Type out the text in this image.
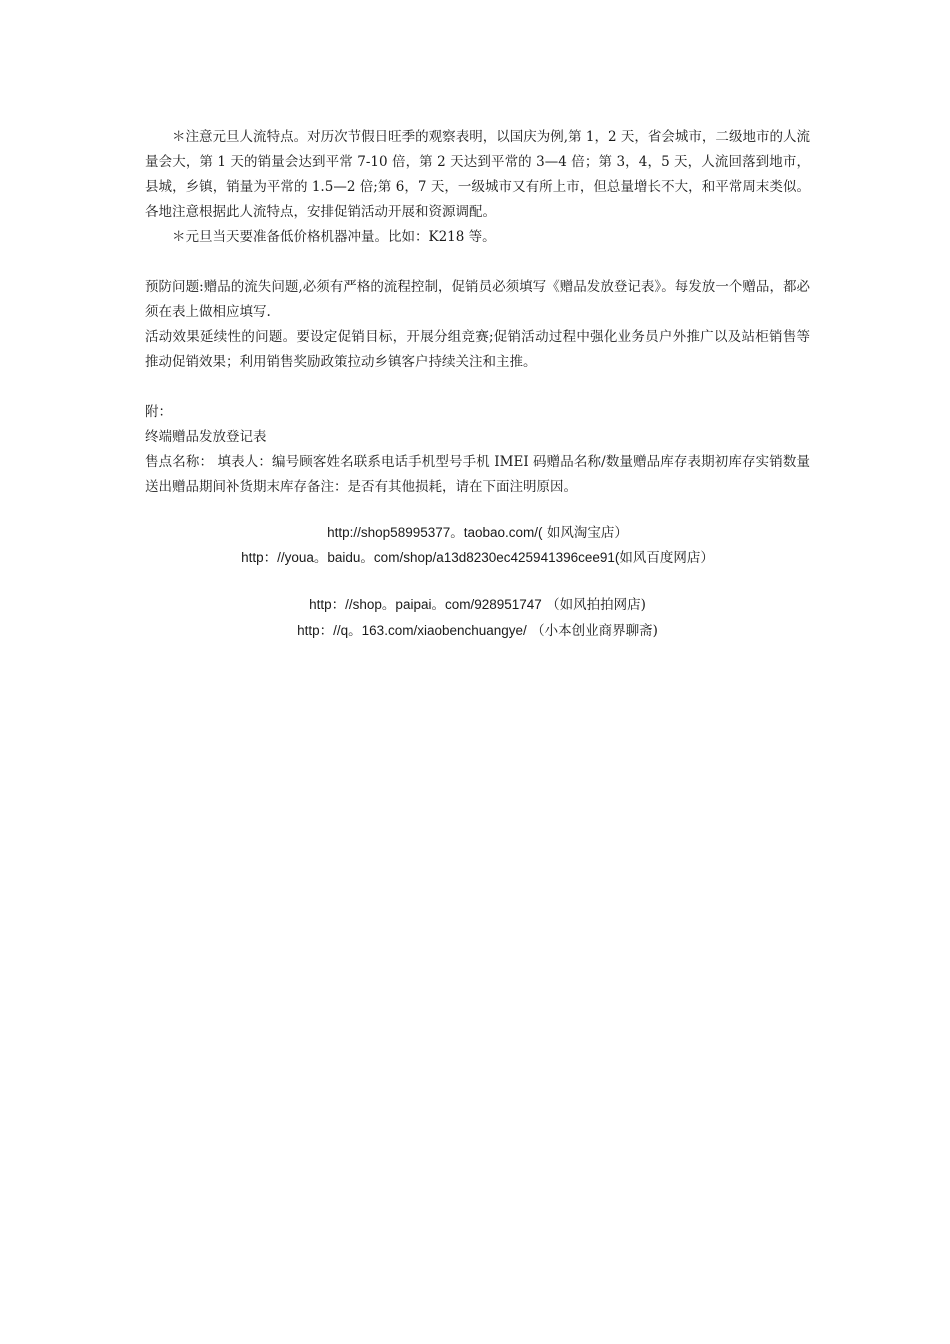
＊注意元旦人流特点。对历次节假日旺季的观察表明，以国庆为例,第 1，2 天，省会城市，二级地市的人流量会大，第 1 天的销量会达到平常 7-10 倍，第 2 天达到平常的 3—4 倍；第 3，4，5 天，人流回落到地市，县城，乡镇，销量为平常的 1.5—2 倍;第 6，7 天，一级城市又有所上市，但总量增长不大，和平常周末类似。各地注意根据此人流特点，安排促销活动开展和资源调配。

＊元旦当天要准备低价格机器冲量。比如：K218 等。

预防问题:赠品的流失问题,必须有严格的流程控制，促销员必须填写《赠品发放登记表》。每发放一个赠品，都必须在表上做相应填写.

活动效果延续性的问题。要设定促销目标，开展分组竞赛;促销活动过程中强化业务员户外推广以及站柜销售等推动促销效果；利用销售奖励政策拉动乡镇客户持续关注和主推。

附：

终端赠品发放登记表

售点名称： 填表人：编号顾客姓名联系电话手机型号手机 IMEI 码赠品名称/数量赠品库存表期初库存实销数量送出赠品期间补货期末库存备注：是否有其他损耗，请在下面注明原因。

http://shop58995377。taobao.com/( 如风淘宝店）

http：//youa。baidu。com/shop/a13d8230ec425941396cee91(如风百度网店）

http：//shop。paipai。com/928951747 （如风拍拍网店)

http：//q。163.com/xiaobenchuangye/ （小本创业商界聊斋)
